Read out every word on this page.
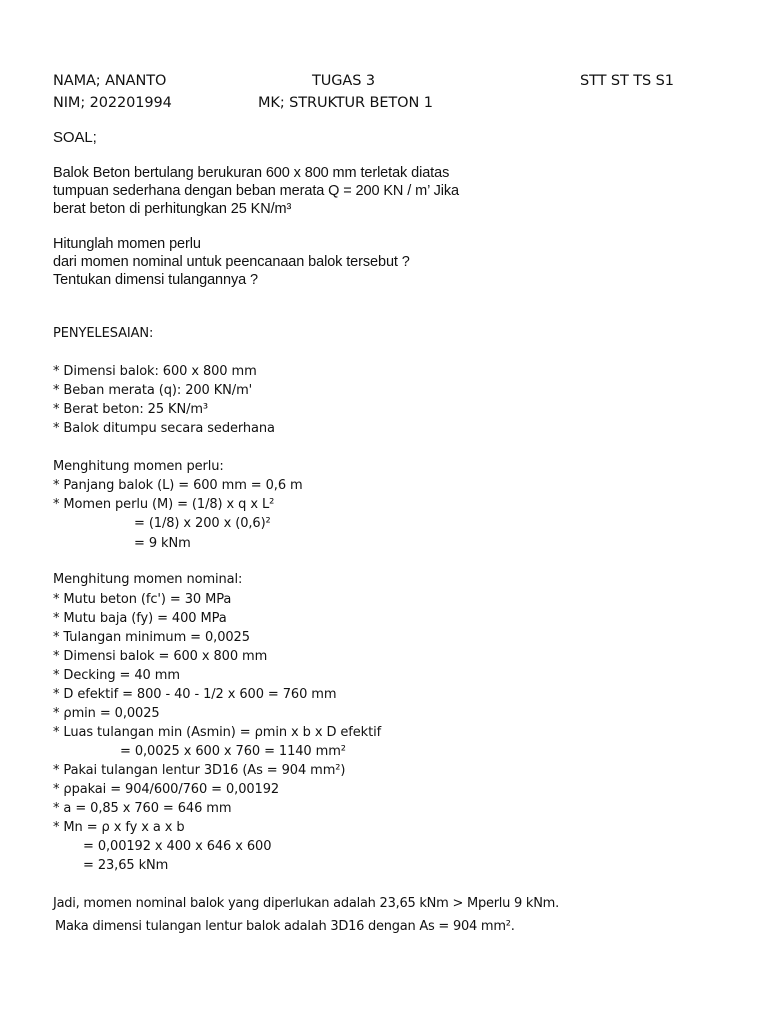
NAMA; ANANTO	TUGAS 3	STT ST TS S1
NIM; 202201994	MK; STRUKTUR BETON 1
SOAL;
Balok Beton bertulang berukuran 600 x 800 mm terletak diatas
tumpuan sederhana dengan beban merata Q = 200 KN / m’ Jika
berat beton di perhitungkan 25 KN/m³
Hitunglah momen perlu
dari momen nominal untuk peencanaan balok tersebut ?
Tentukan dimensi tulangannya ?
PENYELESAIAN:
* Dimensi balok: 600 x 800 mm
* Beban merata (q): 200 KN/m'
* Berat beton: 25 KN/m³
* Balok ditumpu secara sederhana
Menghitung momen perlu:
* Panjang balok (L) = 600 mm = 0,6 m
* Momen perlu (M) = (1/8) x q x L²
= (1/8) x 200 x (0,6)²
= 9 kNm
Menghitung momen nominal:
* Mutu beton (fc') = 30 MPa
* Mutu baja (fy) = 400 MPa
* Tulangan minimum = 0,0025
* Dimensi balok = 600 x 800 mm
* Decking = 40 mm
* D efektif = 800 - 40 - 1/2 x 600 = 760 mm
* ρmin = 0,0025
* Luas tulangan min (Asmin) = ρmin x b x D efektif
= 0,0025 x 600 x 760 = 1140 mm²
* Pakai tulangan lentur 3D16 (As = 904 mm²)
* ρpakai = 904/600/760 = 0,00192
* a = 0,85 x 760 = 646 mm
* Mn = ρ x fy x a x b
= 0,00192 x 400 x 646 x 600
= 23,65 kNm
Jadi, momen nominal balok yang diperlukan adalah 23,65 kNm > Mperlu 9 kNm.
Maka dimensi tulangan lentur balok adalah 3D16 dengan As = 904 mm².
